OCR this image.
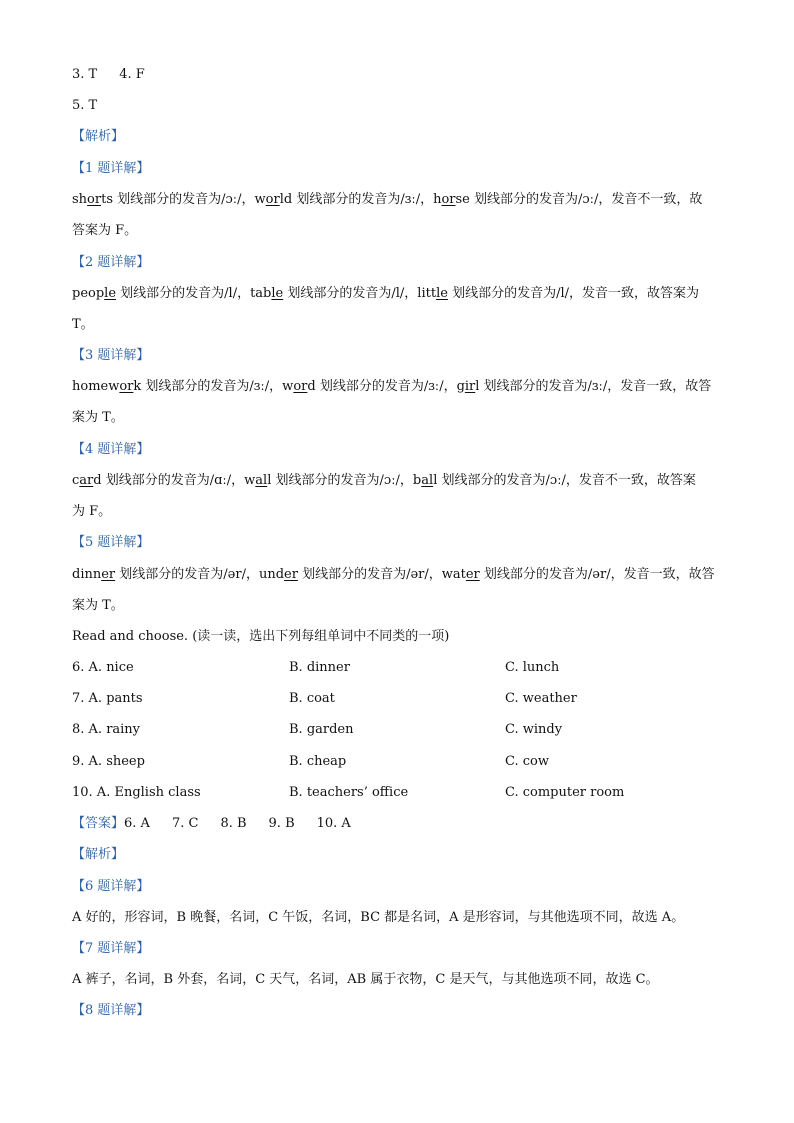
3. T 4. F
5. T
【解析】
【1 题详解】
shorts 划线部分的发音为/ɔː/，world 划线部分的发音为/ɜː/，horse 划线部分的发音为/ɔː/，发音不一致，故
答案为 F。
【2 题详解】
people 划线部分的发音为/l/，table 划线部分的发音为/l/，little 划线部分的发音为/l/，发音一致，故答案为
T。
【3 题详解】
homework 划线部分的发音为/ɜː/，word 划线部分的发音为/ɜː/，girl 划线部分的发音为/ɜː/，发音一致，故答
案为 T。
【4 题详解】
card 划线部分的发音为/ɑː/，wall 划线部分的发音为/ɔː/，ball 划线部分的发音为/ɔː/，发音不一致，故答案
为 F。
【5 题详解】
dinner 划线部分的发音为/ər/，under 划线部分的发音为/ər/，water 划线部分的发音为/ər/，发音一致，故答
案为 T。
Read and choose. (读一读，选出下列每组单词中不同类的一项)
6. A. nice	B. dinner	C. lunch
7. A. pants	B. coat	C. weather
8. A. rainy	B. garden	C. windy
9. A. sheep	B. cheap	C. cow
10. A. English class	B. teachers’ office	C. computer room
【答案】6. A 7. C 8. B 9. B 10. A
【解析】
【6 题详解】
A 好的，形容词，B 晚餐，名词，C 午饭，名词，BC 都是名词，A 是形容词，与其他选项不同，故选 A。
【7 题详解】
A 裤子，名词，B 外套，名词，C 天气，名词，AB 属于衣物，C 是天气，与其他选项不同，故选 C。
【8 题详解】
